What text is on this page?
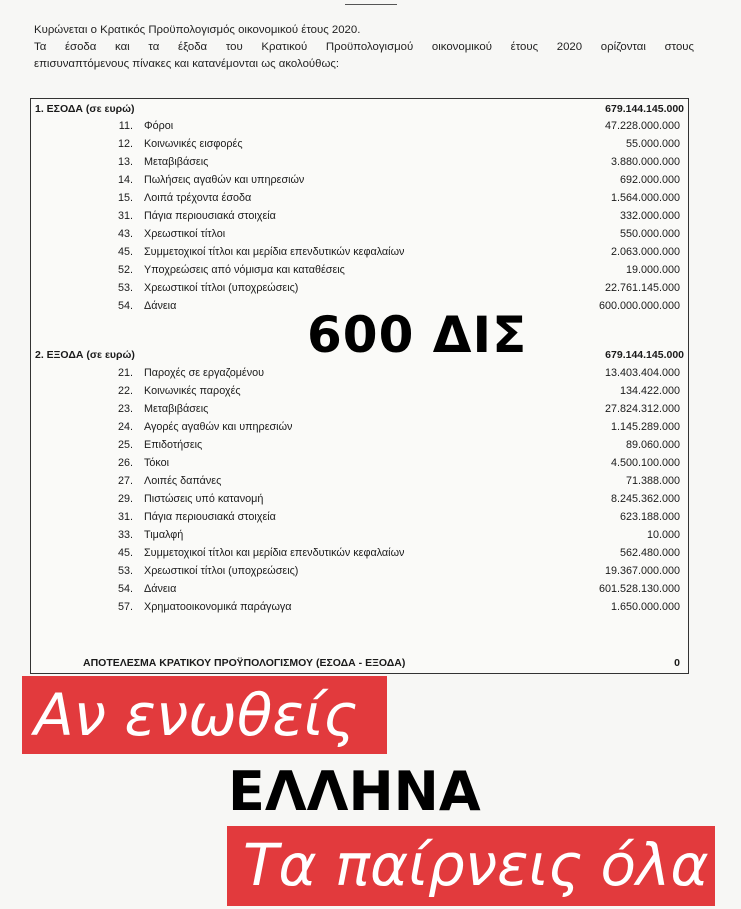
Κυρώνεται ο Κρατικός Προϋπολογισμός οικονομικού έτους 2020.

Τα έσοδα και τα έξοδα του Κρατικού Προϋπολογισμού οικονομικού έτους 2020 ορίζονται στους

επισυναπτόμενους πίνακες και κατανέμονται ως ακολούθως:

1. ΕΣΟΔΑ (σε ευρώ)	679.144.145.000
11. Φόροι	47.228.000.000
12. Κοινωνικές εισφορές	55.000.000
13. Μεταβιβάσεις	3.880.000.000
14. Πωλήσεις αγαθών και υπηρεσιών	692.000.000
15. Λοιπά τρέχοντα έσοδα	1.564.000.000
31. Πάγια περιουσιακά στοιχεία	332.000.000
43. Χρεωστικοί τίτλοι	550.000.000
45. Συμμετοχικοί τίτλοι και μερίδια επενδυτικών κεφαλαίων	2.063.000.000
52. Υποχρεώσεις από νόμισμα και καταθέσεις	19.000.000
53. Χρεωστικοί τίτλοι (υποχρεώσεις)	22.761.145.000
54. Δάνεια	600.000.000.000
2. ΕΞΟΔΑ (σε ευρώ)	679.144.145.000
21. Παροχές σε εργαζομένου	13.403.404.000
22. Κοινωνικές παροχές	134.422.000
23. Μεταβιβάσεις	27.824.312.000
24. Αγορές αγαθών και υπηρεσιών	1.145.289.000
25. Επιδοτήσεις	89.060.000
26. Τόκοι	4.500.100.000
27. Λοιπές δαπάνες	71.388.000
29. Πιστώσεις υπό κατανομή	8.245.362.000
31. Πάγια περιουσιακά στοιχεία	623.188.000
33. Τιμαλφή	10.000
45. Συμμετοχικοί τίτλοι και μερίδια επενδυτικών κεφαλαίων	562.480.000
53. Χρεωστικοί τίτλοι (υποχρεώσεις)	19.367.000.000
54. Δάνεια	601.528.130.000
57. Χρηματοοικονομικά παράγωγα	1.650.000.000
ΑΠΟΤΕΛΕΣΜΑ ΚΡΑΤΙΚΟΥ ΠΡΟΫΠΟΛΟΓΙΣΜΟΥ (ΕΣΟΔΑ - ΕΞΟΔΑ)	0
600 ΔΙΣ
Αν ενωθείς
ΕΛΛΗΝΑ
Τα παίρνεις όλα
